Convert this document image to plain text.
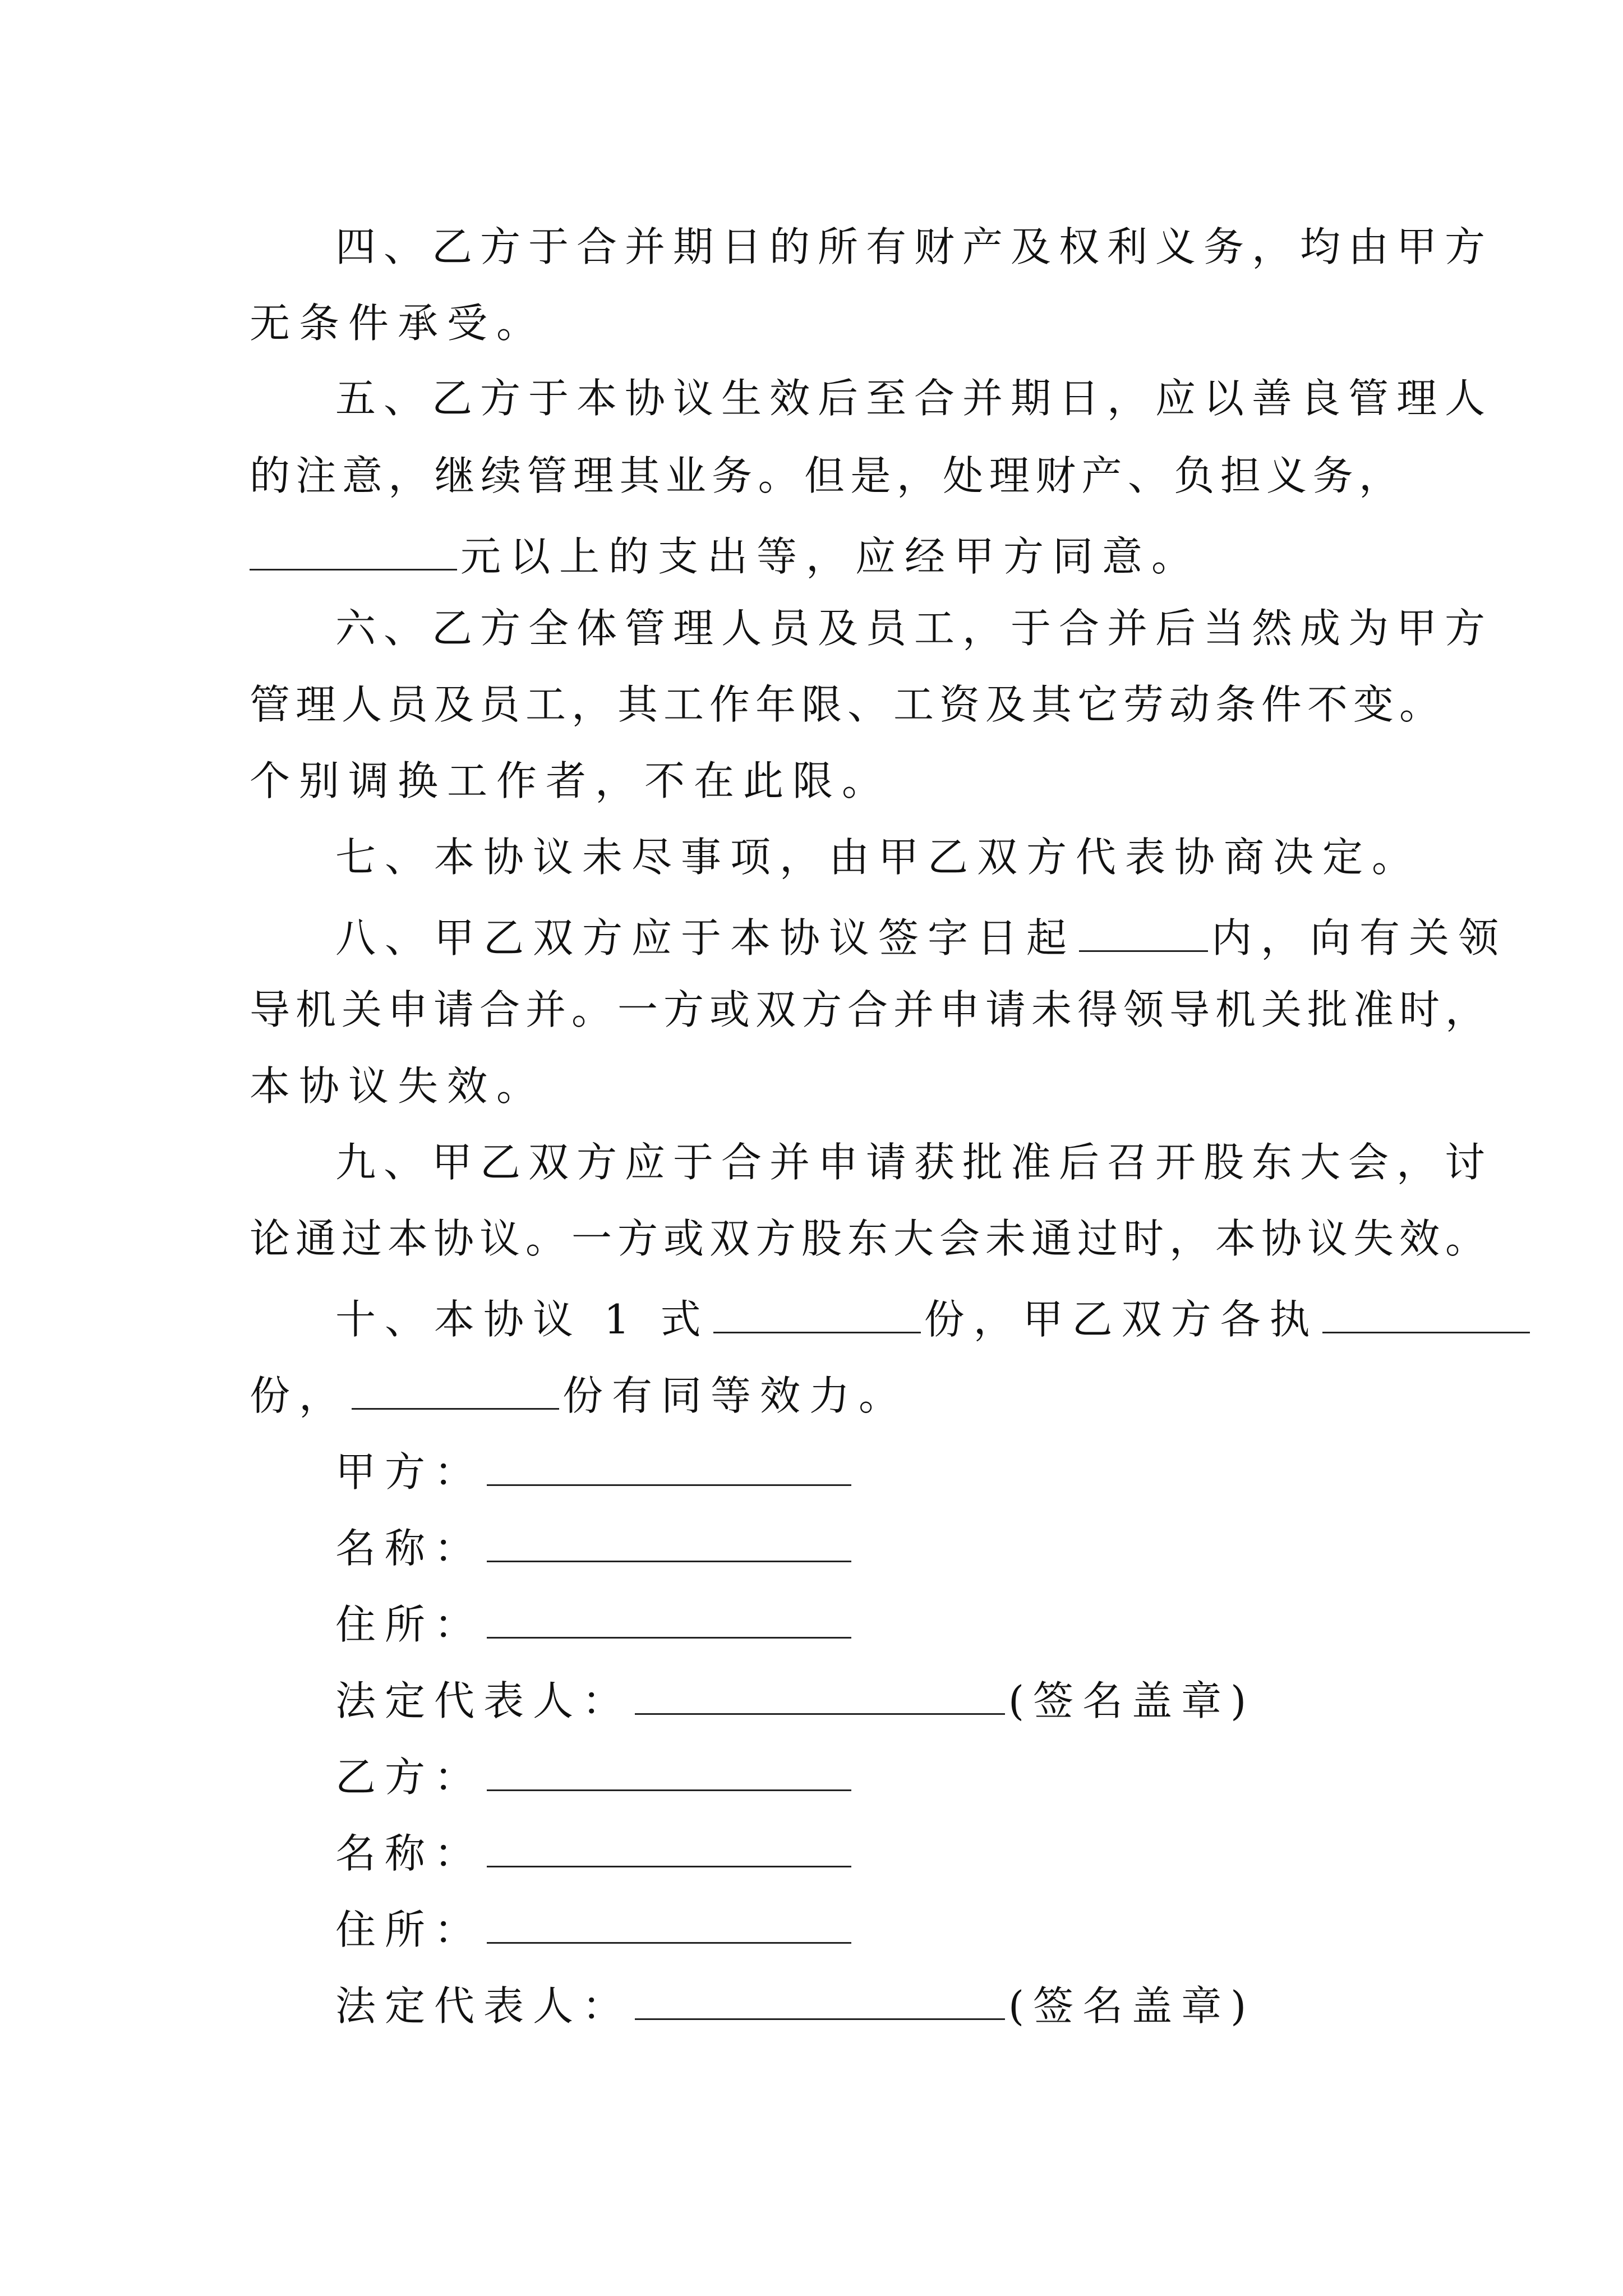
四、乙方于合并期日的所有财产及权利义务，均由甲方
无条件承受。
五、乙方于本协议生效后至合并期日，应以善良管理人
的注意，继续管理其业务。但是，处理财产、负担义务，
元以上的支出等，应经甲方同意。
六、乙方全体管理人员及员工，于合并后当然成为甲方
管理人员及员工，其工作年限、工资及其它劳动条件不变。
个别调换工作者，不在此限。
七、本协议未尽事项，由甲乙双方代表协商决定。
八、甲乙双方应于本协议签字日起	内，向有关领
导机关申请合并。一方或双方合并申请未得领导机关批准时，
本协议失效。
九、甲乙双方应于合并申请获批准后召开股东大会，讨
论通过本协议。一方或双方股东大会未通过时，本协议失效。
十、本协议 1 式	份，甲乙双方各执
份，	份有同等效力。
甲方：
名称：
住所：
法定代表人：	(签名盖章)
乙方：
名称：
住所：
法定代表人：	(签名盖章)
